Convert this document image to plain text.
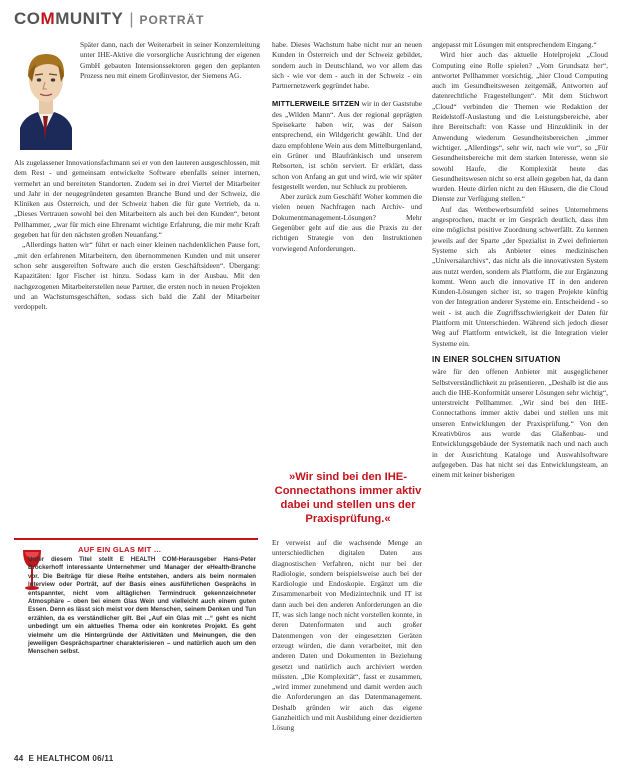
COMMUNITY | PORTRÄT

Später dann, nach der Weiterarbeit in seiner Konzernleitung unter IHE-Aktive die vorsorgliche Ausrichtung der eigenen GmbH gebauten Intensionssektoren gegen den geplanten Prozess neu mit einem Großinvestor, der Siemens AG.

Als zugelassener Innovationsfachmann sei er von den lauteren ausgeschlossen, mit dem Rest - und gemeinsam entwickelte Software ebenfalls seiner internen, vermehrt an und bereiteten Standorten. Zudem sei in drei Viertel der Mitarbeiter und Jahr in der neugegründeten gesamten Branche Bund und der Schweiz, die Kliniken aus Österreich, und der Schweiz haben die für gute Vertrieb, da u. „Dieses Vertrauen sowohl bei den Mitarbeitern als auch bei den Kunden“, betont Pellhammer, „war für mich eine Ehrenamt wichtige Erfahrung, die mir mehr Kraft gegeben hat für den nächsten großen Neuanfang.“

„Allerdings hatten wir“ führt er nach einer kleinen nachdenklichen Pause fort, „mit den erfahrenen Mitarbeitern, den übernommenen Kunden und mit unserer schon sehr ausgereiften Software auch die ersten Geschäftsideen“. Übergang: Kapazitäten: Igor Fischer ist hinzu. Sodass kam in der Ausbau. Mit den nachgezogenen Mitarbeiterstellen neue Partner, die ersten noch in neuen Projekten und an Wachstumsgeschäften, sodass sich bald die Zahl der Mitarbeiter verdoppelt.

habe. Dieses Wachstum habe nicht nur an neuen Kunden in Österreich und der Schweiz gebildet, sondern auch in Deutschland, wo vor allem das sich - wie vor dem - auch in der Schweiz - ein Partnernetzwerk gegründet habe.

MITTLERWEILE SITZEN wir in der Gaststube des „Wilden Mann“. Aus der regional geprägten Speisekarte haben wir, was der Saison entsprechend, ein Wildgericht gewählt. Und der dazu empfohlene Wein aus dem Mittelburgenland, ein Grüner und Blaufränkisch und unserem Rebsorten, ist schön serviert. Er erklärt, dass schon von Anfang an gut und wird, wie wir später festgestellt werden, nur Schluck zu probieren.

Aber zurück zum Geschäft! Woher kommen die vielen neuen Nachfragen nach Archiv- und Dokumentmanagement-Lösungen? Mehr Gegenüber geht auf die aus die Praxis zu der richtigen Strategie von den Instruktionen vorwiegend Anforderungen.

»Wir sind bei den IHE-
Connectathons immer aktiv
dabei und stellen uns der
Praxisprüfung.«

Er verweist auf die wachsende Menge an unterschiedlichen digitalen Daten aus diagnostischen Verfahren, nicht nur bei der Radiologie, sondern beispielsweise auch bei der Kardiologie und Endoskopie. Ergänzt um die Zusammenarbeit von Medizintechnik und IT ist dann auch bei den anderen Anforderungen an die IT, was sich lange noch nicht vorstellen konnte, in deren Datenformaten und auch großer Datenmengen von der eingesetzten Geräten erzeugt würden, die dann verarbeitet, mit den anderen Daten und Dokumenten in Beziehung gesetzt und natürlich auch archiviert werden müssten. „Die Komplexität“, fasst er zusammen, „wird immer zunehmend und damit werden auch die Anforderungen an das Datenmanagement. Deshalb gründen wir auch das eigene Ganzheitlich und mit Ausbildung einer dezidierten Lösung

angepasst mit Lösungen mit entsprechendem Eingang.“

Wird hier auch das aktuelle Hotelprojekt „Cloud Computing eine Rolle spielen? „Vom Grundsatz her“, antwortet Pellhammer vorsichtig, „hier Cloud Computing auch im Gesundheitswesen zeitgemäß, Antworten auf datenrechtliche Fragestellungen“. Mit dem Stichwort „Cloud“ verbinden die Themen wie Redaktion der Reidelstoff-Auslastung und die Leistungsbereiche, aber ihre Bereitschaft: von Kasse und Hinzuklinik in der Anwendung wiederum Gesundheitsbereichen „immer wichtiger. „Allerdings“, sehr wir, nach wie vor“, so „Für Gesundheitsbereiche mit dem starken Interesse, wenn sie sowohl Haufe, die Komplexität heute das Gesundheitswesen nicht so erst allein gegeben hat, da dann wurden. Heute dürfen nicht zu den Häusern, die die Cloud Dienste zur Verfügung stellen.“

Auf das Wettbewerbsumfeld seines Unternehmens angesprochen, macht er im Gespräch deutlich, dass ihm eine möglichst positive Zuordnung schwerfällt. Zu kennen jeweils auf der Sparte „der Spezialist in Zwei definierten Systeme sich als Anbieter eines medizinischen „Universalarchivs“, das nicht als die innovativsten System aus nutzt werden, sondern als Plattform, die zur Ergänzung kommt. Wenn auch die innovative IT in den anderen Kunden-Lösungen sicher ist, so tragen Projekte künftig von der Integration anderer Systeme ein. Entscheidend - so weit - ist auch die Zugriffsschwierigkeit der Daten für Plattform mit Unterschieden. Während sich jedoch dieser Weg auf Plattform entwickelt, ist die Integration vieler Systeme ein.

IN EINER SOLCHEN SITUATION

wäre für den offenen Anbieter mit ausgeglichener Selbstverständlichkeit zu präsentieren. „Deshalb ist die aus auch die IHE-Konformität unserer Lösungen sehr wichtig“, unterstreicht Pellhammer. „Wir sind bei den IHE-Connectathons immer aktiv dabei und stellen uns mit unseren Entwicklungen der Praxisprüfung.“ Von den Kreativbüros aus wurde das Glaßenbau- und Entwicklungsgebäude der Systematik nach und nach auch in der Ausrichtung Kataloge und Auswahlsoftware aufgegeben. Das hat nicht sei das Entwicklungsteam, an einem mit keiner bisherigen

AUF EIN GLAS MIT ...
Unter diesem Titel stellt E HEALTH COM-Herausgeber Hans-Peter Bröckerhoff interessante Unternehmer und Manager der eHealth-Branche vor. Die Beiträge für diese Reihe entstehen, anders als beim normalen Interview oder Porträt, auf der Basis eines ausführlichen Gesprächs in entspannter, nicht vom alltäglichen Termindruck gekennzeichneter Atmosphäre – oben bei einem Glas Wein und vielleicht auch einem guten Essen. Denn es lässt sich meist vor dem Menschen, seinem Denken und Tun erzählen, da es verständlicher gilt. Bei „Auf ein Glas mit ...“ geht es nicht unbedingt um ein aktuelles Thema oder ein konkretes Projekt. Es geht vielmehr um die Hintergründe der Aktivitäten und Meinungen, die den jeweiligen Gesprächspartner charakterisieren – und natürlich auch um den Menschen selbst.
44 E HEALTHCOM 06/11
